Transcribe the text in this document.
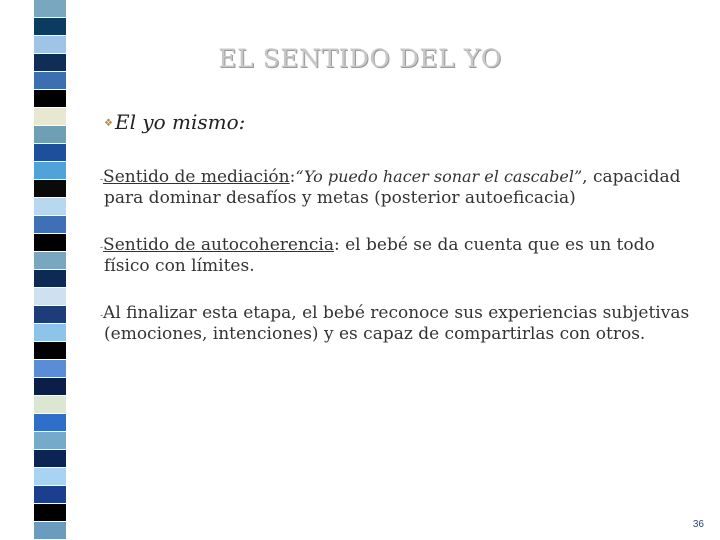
EL SENTIDO DEL YO
❖ El yo mismo:
-Sentido de mediación:“Yo puedo hacer sonar el cascabel”, capacidad para dominar desafíos y metas (posterior autoeficacia)
-Sentido de autocoherencia: el bebé se da cuenta que es un todo físico con límites.
-Al finalizar esta etapa, el bebé reconoce sus experiencias subjetivas (emociones, intenciones) y es capaz de compartirlas con otros.
36
